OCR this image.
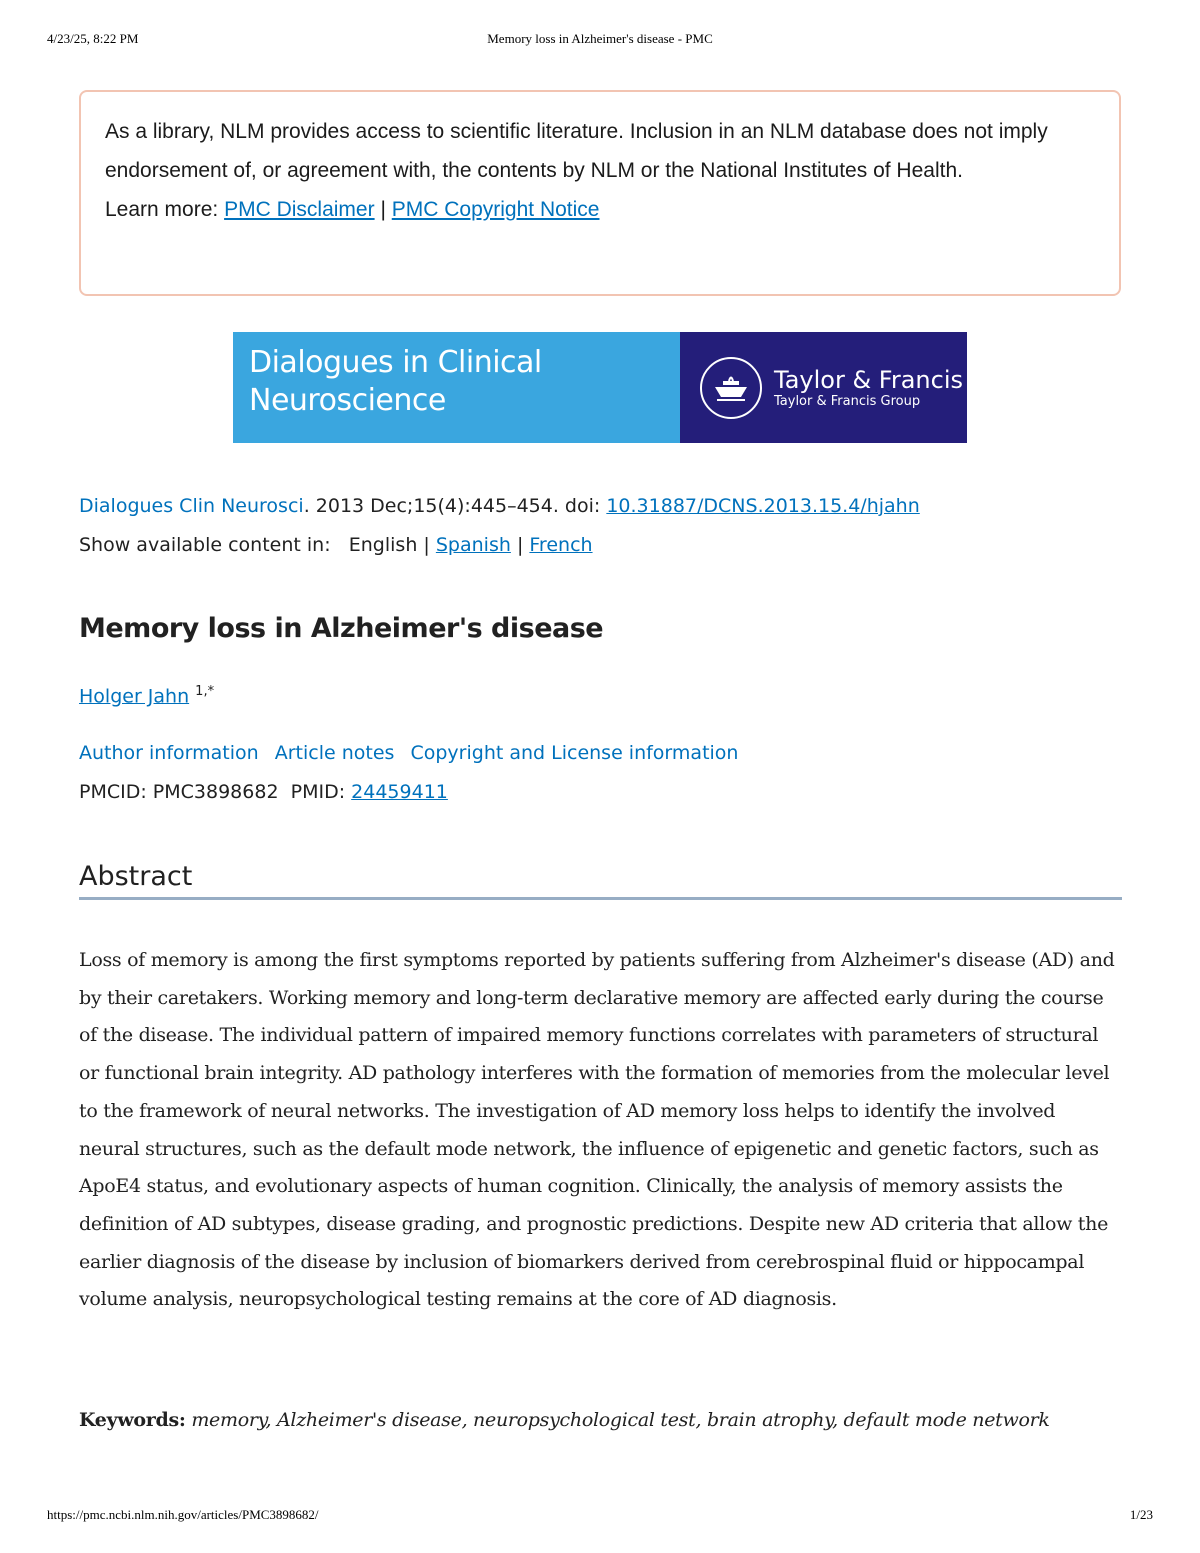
4/23/25, 8:22 PM	Memory loss in Alzheimer's disease - PMC
As a library, NLM provides access to scientific literature. Inclusion in an NLM database does not imply endorsement of, or agreement with, the contents by NLM or the National Institutes of Health.
Learn more: PMC Disclaimer | PMC Copyright Notice
Dialogues in Clinical
Neuroscience
Taylor & Francis
Taylor & Francis Group
Dialogues Clin Neurosci. 2013 Dec;15(4):445–454. doi: 10.31887/DCNS.2013.15.4/hjahn
Show available content in: English | Spanish | French
Memory loss in Alzheimer's disease
Holger Jahn $^{1,*}$
Author information Article notes Copyright and License information
PMCID: PMC3898682 PMID: 24459411
Abstract

Loss of memory is among the first symptoms reported by patients suffering from Alzheimer's disease (AD) and by their caretakers. Working memory and long-term declarative memory are affected early during the course of the disease. The individual pattern of impaired memory functions correlates with parameters of structural or functional brain integrity. AD pathology interferes with the formation of memories from the molecular level to the framework of neural networks. The investigation of AD memory loss helps to identify the involved neural structures, such as the default mode network, the influence of epigenetic and genetic factors, such as ApoE4 status, and evolutionary aspects of human cognition. Clinically, the analysis of memory assists the definition of AD subtypes, disease grading, and prognostic predictions. Despite new AD criteria that allow the earlier diagnosis of the disease by inclusion of biomarkers derived from cerebrospinal fluid or hippocampal volume analysis, neuropsychological testing remains at the core of AD diagnosis.

Keywords: memory, Alzheimer's disease, neuropsychological test, brain atrophy, default mode network

https://pmc.ncbi.nlm.nih.gov/articles/PMC3898682/	1/23
